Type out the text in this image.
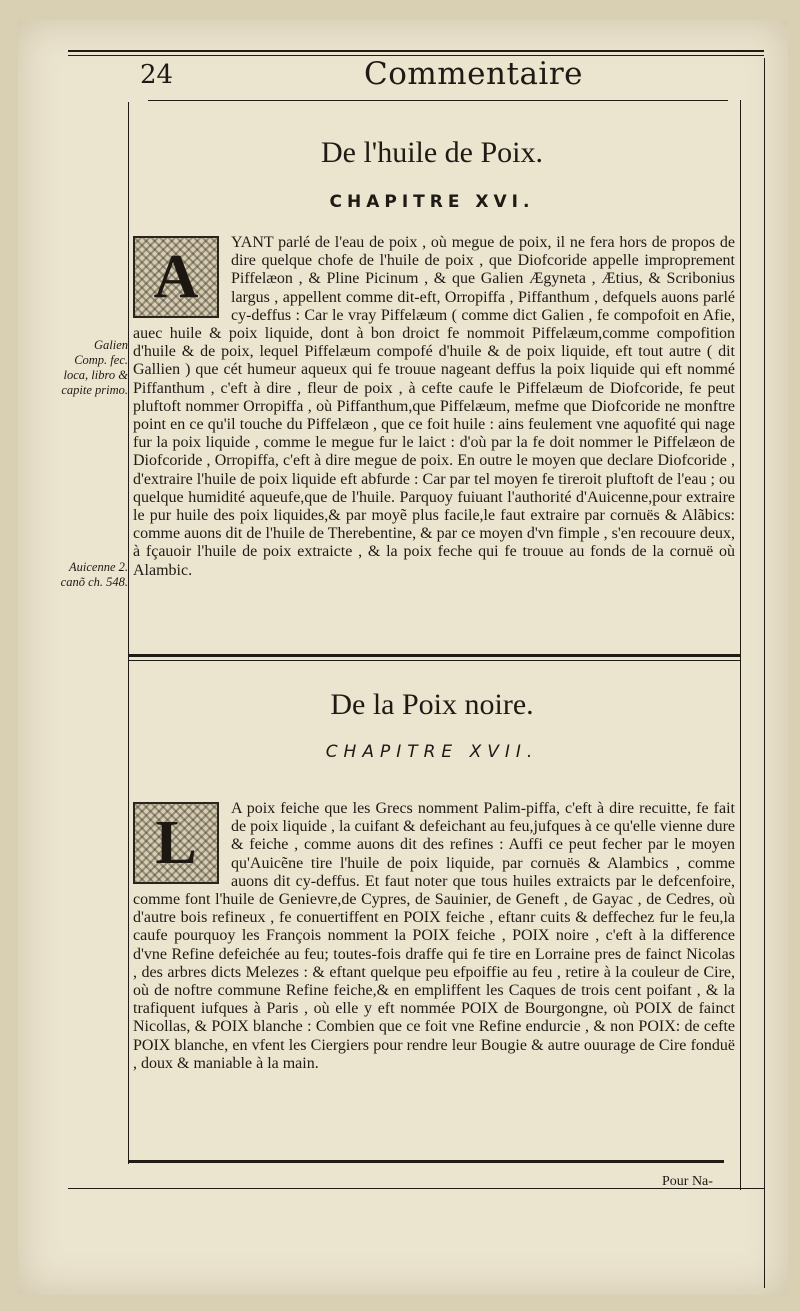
24	Commentaire
De l'huile de Poix.
CHAPITRE XVI.
A

YANT parlé de l'eau de poix , où megue de poix, il ne fera hors de propos de dire quelque chofe de l'huile de poix , que Diofcoride appelle improprement Piffelæon , & Pline Picinum , & que Galien Ægyneta , Ætius, & Scribonius largus , appellent comme dit-eft, Orropiffa , Piffanthum , defquels auons parlé cy-deffus : Car le vray Piffelæum ( comme dict Galien , fe compofoit en Afie, auec huile & poix liquide, dont à bon droict fe nommoit Piffelæum,comme compofition d'huile & de poix, lequel Piffelæum compofé d'huile & de poix liquide, eft tout autre ( dit Gallien ) que cét humeur aqueux qui fe trouue nageant deffus la poix liquide qui eft nommé Piffanthum , c'eft à dire , fleur de poix , à cefte caufe le Piffelæum de Diofcoride, fe peut pluftoft nommer Orropiffa , où Piffanthum,que Piffelæum, mefme que Diofcoride ne monftre point en ce qu'il touche du Piffelæon , que ce foit huile : ains feulement vne aquofité qui nage fur la poix liquide , comme le megue fur le laict : d'où par la fe doit nommer le Piffelæon de Diofcoride , Orropiffa, c'eft à dire megue de poix. En outre le moyen que declare Diofcoride , d'extraire l'huile de poix liquide eft abfurde : Car par tel moyen fe tireroit pluftoft de l'eau ; ou quelque humidité aqueufe,que de l'huile. Parquoy fuiuant l'authorité d'Auicenne,pour extraire le pur huile des poix liquides,& par moyẽ plus facile,le faut extraire par cornuës & Alãbics: comme auons dit de l'huile de Therebentine, & par ce moyen d'vn fimple , s'en recouure deux, à fçauoir l'huile de poix extraicte , & la poix feche qui fe trouue au fonds de la cornuë où Alambic.

Galien Comp. fec. loca, libro & capite primo.
Auicenne 2. canõ ch. 548.
De la Poix noire.
CHAPITRE XVII.
L

A poix feiche que les Grecs nomment Palim-piffa, c'eft à dire recuitte, fe fait de poix liquide , la cuifant & defeichant au feu,jufques à ce qu'elle vienne dure & feiche , comme auons dit des refines : Auffi ce peut fecher par le moyen qu'Auicẽne tire l'huile de poix liquide, par cornuës & Alambics , comme auons dit cy-deffus. Et faut noter que tous huiles extraicts par le defcenfoire, comme font l'huile de Genievre,de Cypres, de Sauinier, de Geneft , de Gayac , de Cedres, où d'autre bois refineux , fe conuertiffent en POIX feiche , eftanr cuits & deffechez fur le feu,la caufe pourquoy les François nomment la POIX feiche , POIX noire , c'eft à la difference d'vne Refine defeichée au feu; toutes-fois draffe qui fe tire en Lorraine pres de fainct Nicolas , des arbres dicts Melezes : & eftant quelque peu efpoiffie au feu , retire à la couleur de Cire, où de noftre commune Refine feiche,& en empliffent les Caques de trois cent poifant , & la trafiquent iufques à Paris , où elle y eft nommée POIX de Bourgongne, où POIX de fainct Nicollas, & POIX blanche : Combien que ce foit vne Refine endurcie , & non POIX: de cefte POIX blanche, en vfent les Ciergiers pour rendre leur Bougie & autre ouurage de Cire fonduë , doux & maniable à la main.

Pour Na-
